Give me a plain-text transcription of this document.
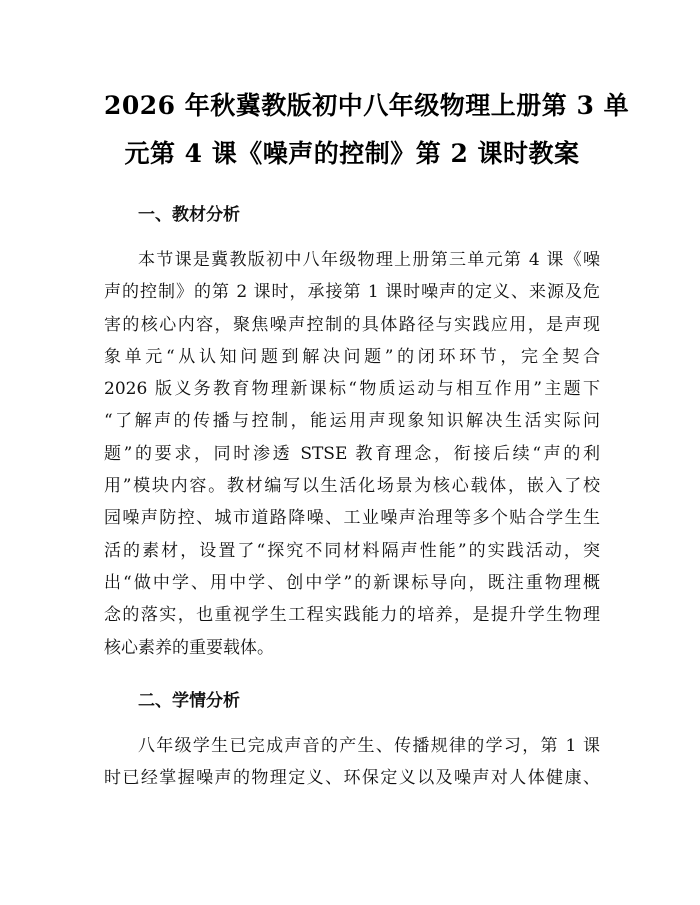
2026 年秋冀教版初中八年级物理上册第 3 单
元第 4 课《噪声的控制》第 2 课时教案
一、教材分析

本节课是冀教版初中八年级物理上册第三单元第 4 课《噪
声的控制》的第 2 课时，承接第 1 课时噪声的定义、来源及危
害的核心内容，聚焦噪声控制的具体路径与实践应用，是声现
象单元“从认知问题到解决问题”的闭环环节，完全契合
2026 版义务教育物理新课标“物质运动与相互作用”主题下
“了解声的传播与控制，能运用声现象知识解决生活实际问
题”的要求，同时渗透 STSE 教育理念，衔接后续“声的利
用”模块内容。教材编写以生活化场景为核心载体，嵌入了校
园噪声防控、城市道路降噪、工业噪声治理等多个贴合学生生
活的素材，设置了“探究不同材料隔声性能”的实践活动，突
出“做中学、用中学、创中学”的新课标导向，既注重物理概
念的落实，也重视学生工程实践能力的培养，是提升学生物理
核心素养的重要载体。

二、学情分析

八年级学生已完成声音的产生、传播规律的学习，第 1 课
时已经掌握噪声的物理定义、环保定义以及噪声对人体健康、
